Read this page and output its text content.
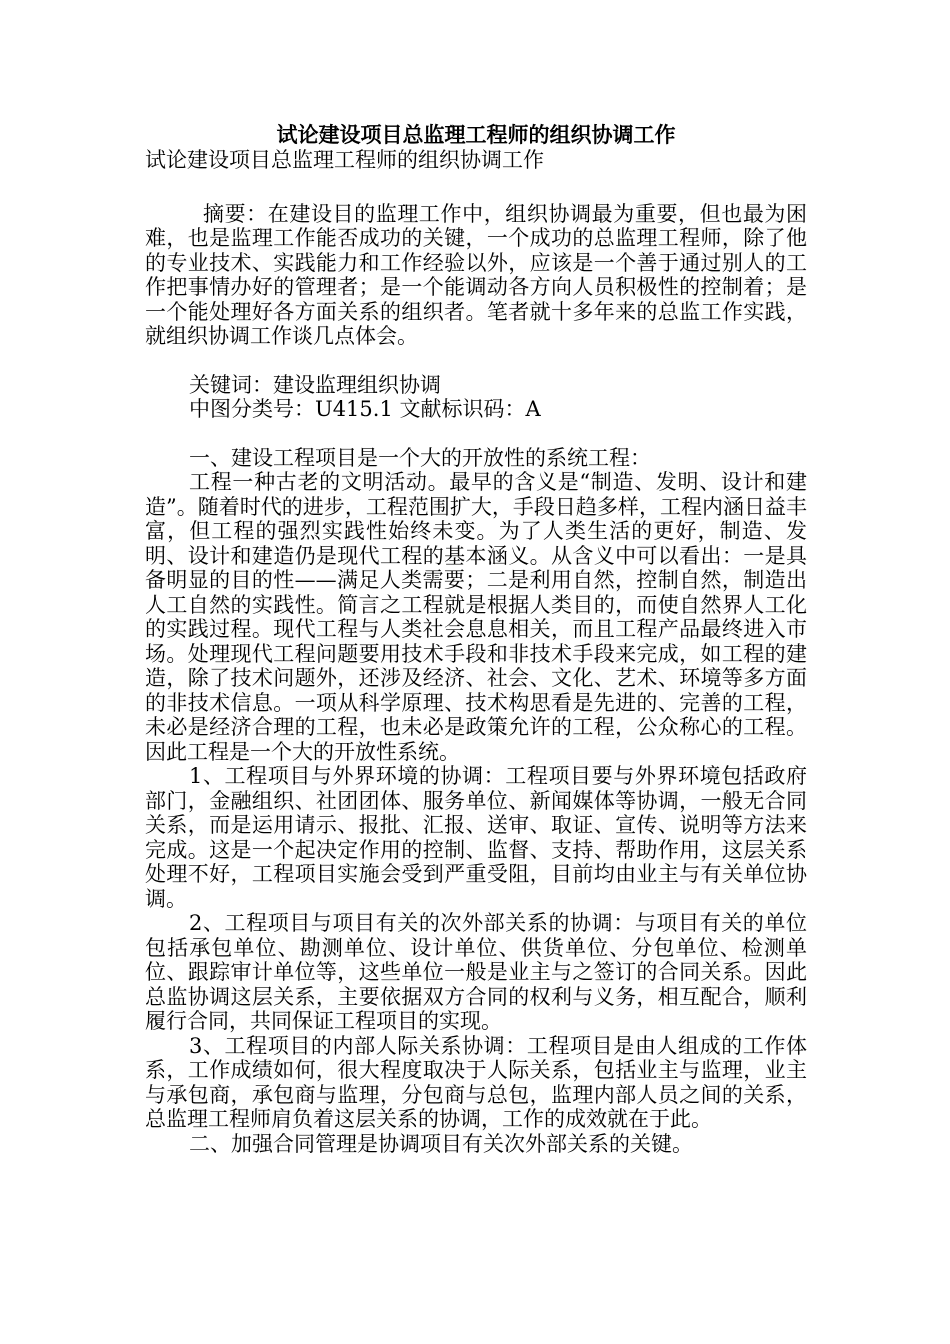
试论建设项目总监理工程师的组织协调工作

试论建设项目总监理工程师的组织协调工作

摘要：在建设目的监理工作中，组织协调最为重要，但也最为困难，也是监理工作能否成功的关键，一个成功的总监理工程师，除了他的专业技术、实践能力和工作经验以外，应该是一个善于通过别人的工作把事情办好的管理者；是一个能调动各方向人员积极性的控制着；是一个能处理好各方面关系的组织者。笔者就十多年来的总监工作实践，就组织协调工作谈几点体会。

关键词：建设监理组织协调

中图分类号：U415.1 文献标识码：A

一、建设工程项目是一个大的开放性的系统工程：

工程一种古老的文明活动。最早的含义是“制造、发明、设计和建造”。随着时代的进步，工程范围扩大，手段日趋多样，工程内涵日益丰富，但工程的强烈实践性始终未变。为了人类生活的更好，制造、发明、设计和建造仍是现代工程的基本涵义。从含义中可以看出：一是具备明显的目的性——满足人类需要；二是利用自然，控制自然，制造出人工自然的实践性。简言之工程就是根据人类目的，而使自然界人工化的实践过程。现代工程与人类社会息息相关，而且工程产品最终进入市场。处理现代工程问题要用技术手段和非技术手段来完成，如工程的建造，除了技术问题外，还涉及经济、社会、文化、艺术、环境等多方面的非技术信息。一项从科学原理、技术构思看是先进的、完善的工程，未必是经济合理的工程，也未必是政策允许的工程，公众称心的工程。因此工程是一个大的开放性系统。

1、工程项目与外界环境的协调：工程项目要与外界环境包括政府部门，金融组织、社团团体、服务单位、新闻媒体等协调，一般无合同关系，而是运用请示、报批、汇报、送审、取证、宣传、说明等方法来完成。这是一个起决定作用的控制、监督、支持、帮助作用，这层关系处理不好，工程项目实施会受到严重受阻，目前均由业主与有关单位协调。

2、工程项目与项目有关的次外部关系的协调：与项目有关的单位包括承包单位、勘测单位、设计单位、供货单位、分包单位、检测单位、跟踪审计单位等，这些单位一般是业主与之签订的合同关系。因此总监协调这层关系，主要依据双方合同的权利与义务，相互配合，顺利履行合同，共同保证工程项目的实现。

3、工程项目的内部人际关系协调：工程项目是由人组成的工作体系，工作成绩如何，很大程度取决于人际关系，包括业主与监理，业主与承包商，承包商与监理，分包商与总包，监理内部人员之间的关系，总监理工程师肩负着这层关系的协调，工作的成效就在于此。

二、加强合同管理是协调项目有关次外部关系的关键。
